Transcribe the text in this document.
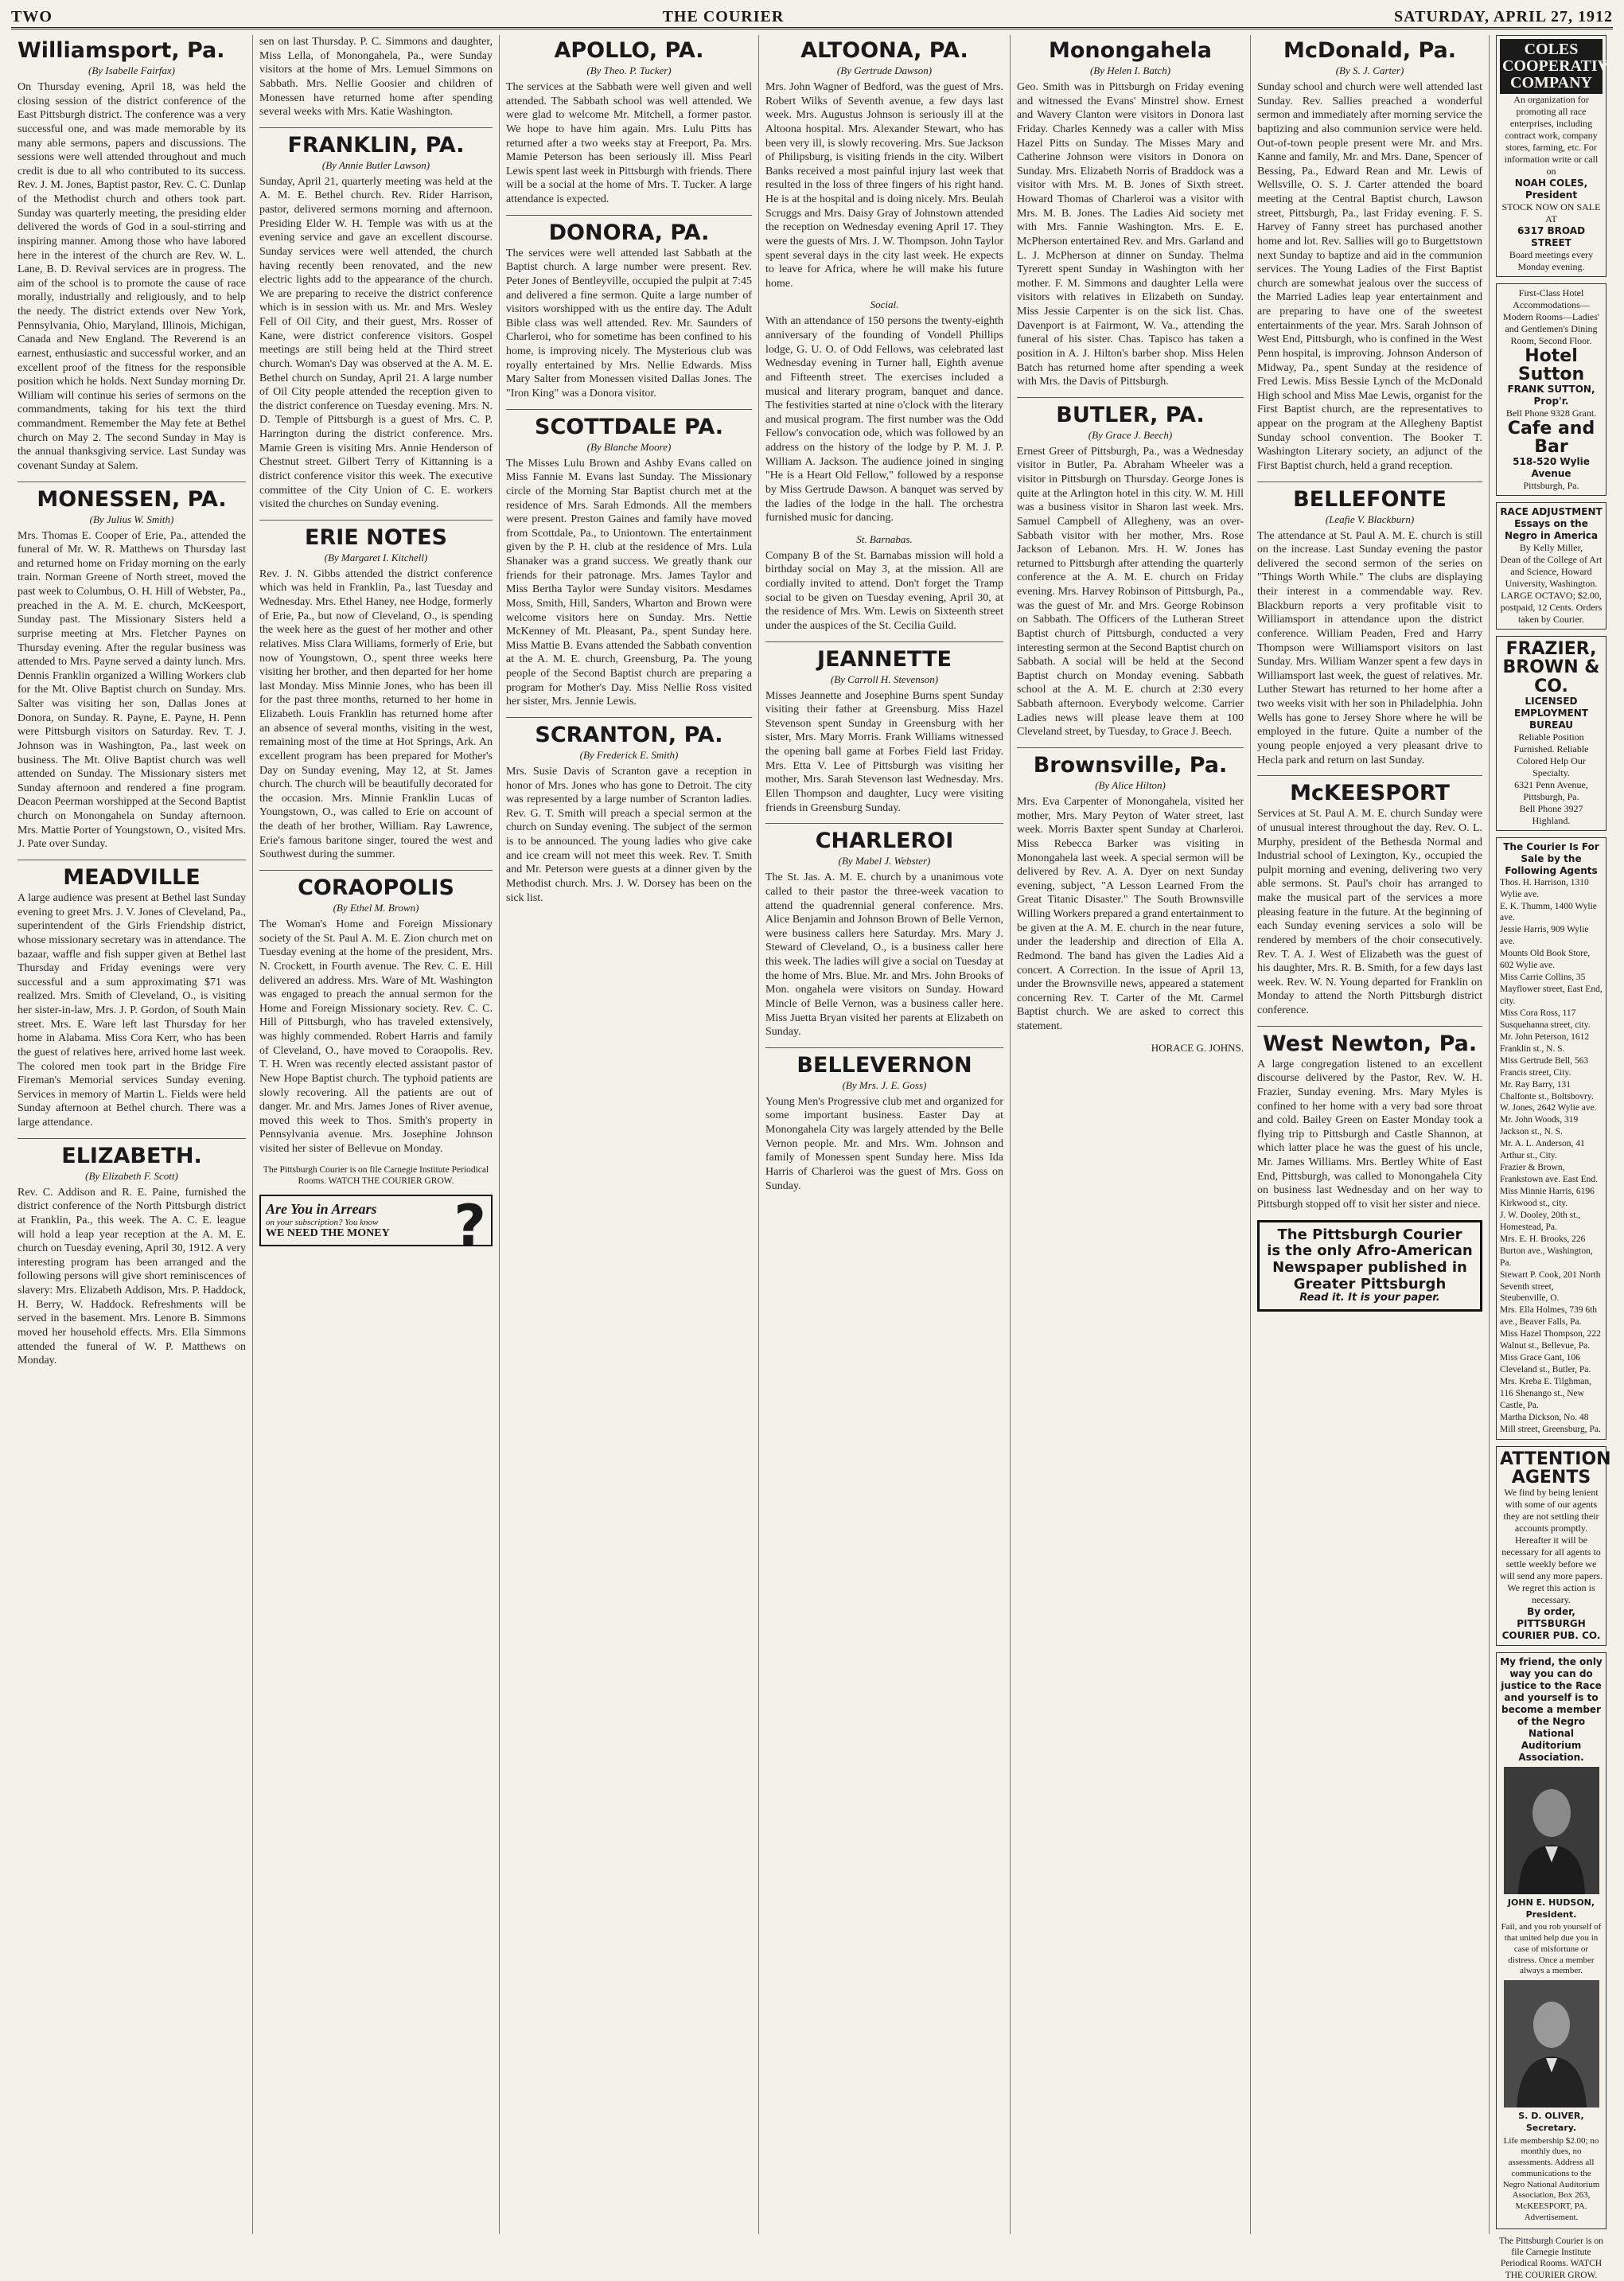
TWO	THE COURIER	SATURDAY, APRIL 27, 1912
Williamsport, Pa.
(By Isabelle Fairfax)

On Thursday evening, April 18, was held the closing session of the district conference of the East Pittsburgh district. The conference was a very successful one, and was made memorable by its many able sermons, papers and discussions. The sessions were well attended throughout and much credit is due to all who contributed to its success. Rev. J. M. Jones, Baptist pastor, Rev. C. C. Dunlap of the Methodist church and others took part. Sunday was quarterly meeting, the presiding elder delivered the words of God in a soul-stirring and inspiring manner. Among those who have labored here in the interest of the church are Rev. W. L. Lane, B. D. Revival services are in progress. The aim of the school is to promote the cause of race morally, industrially and religiously, and to help the needy. The district extends over New York, Pennsylvania, Ohio, Maryland, Illinois, Michigan, Canada and New England. The Reverend is an earnest, enthusiastic and successful worker, and an excellent proof of the fitness for the responsible position which he holds. Next Sunday morning Dr. William will continue his series of sermons on the commandments, taking for his text the third commandment. Remember the May fete at Bethel church on May 2. The second Sunday in May is the annual thanksgiving service. Last Sunday was covenant Sunday at Salem.

MONESSEN, PA.
(By Julius W. Smith)

Mrs. Thomas E. Cooper of Erie, Pa., attended the funeral of Mr. W. R. Matthews on Thursday last and returned home on Friday morning on the early train. Norman Greene of North street, moved the past week to Columbus, O. H. Hill of Webster, Pa., preached in the A. M. E. church, McKeesport, Sunday past. The Missionary Sisters held a surprise meeting at Mrs. Fletcher Paynes on Thursday evening. After the regular business was attended to Mrs. Payne served a dainty lunch. Mrs. Dennis Franklin organized a Willing Workers club for the Mt. Olive Baptist church on Sunday. Mrs. Salter was visiting her son, Dallas Jones at Donora, on Sunday. R. Payne, E. Payne, H. Penn were Pittsburgh visitors on Saturday. Rev. T. J. Johnson was in Washington, Pa., last week on business. The Mt. Olive Baptist church was well attended on Sunday. The Missionary sisters met Sunday afternoon and rendered a fine program. Deacon Peerman worshipped at the Second Baptist church on Monongahela on Sunday afternoon. Mrs. Mattie Porter of Youngstown, O., visited Mrs. J. Pate over Sunday.

MEADVILLE

A large audience was present at Bethel last Sunday evening to greet Mrs. J. V. Jones of Cleveland, Pa., superintendent of the Girls Friendship district, whose missionary secretary was in attendance. The bazaar, waffle and fish supper given at Bethel last Thursday and Friday evenings were very successful and a sum approximating $71 was realized. Mrs. Smith of Cleveland, O., is visiting her sister-in-law, Mrs. J. P. Gordon, of South Main street. Mrs. E. Ware left last Thursday for her home in Alabama. Miss Cora Kerr, who has been the guest of relatives here, arrived home last week. The colored men took part in the Bridge Fire Fireman's Memorial services Sunday evening. Services in memory of Martin L. Fields were held Sunday afternoon at Bethel church. There was a large attendance.

ELIZABETH.
(By Elizabeth F. Scott)

Rev. C. Addison and R. E. Paine, furnished the district conference of the North Pittsburgh district at Franklin, Pa., this week. The A. C. E. league will hold a leap year reception at the A. M. E. church on Tuesday evening, April 30, 1912. A very interesting program has been arranged and the following persons will give short reminiscences of slavery: Mrs. Elizabeth Addison, Mrs. P. Haddock, H. Berry, W. Haddock. Refreshments will be served in the basement. Mrs. Lenore B. Simmons moved her household effects. Mrs. Ella Simmons attended the funeral of W. P. Matthews on Monday.

sen on last Thursday. P. C. Simmons and daughter, Miss Lella, of Monongahela, Pa., were Sunday visitors at the home of Mrs. Lemuel Simmons on Sabbath. Mrs. Nellie Goosier and children of Monessen have returned home after spending several weeks with Mrs. Katie Washington.

FRANKLIN, PA.
(By Annie Butler Lawson)

Sunday, April 21, quarterly meeting was held at the A. M. E. Bethel church. Rev. Rider Harrison, pastor, delivered sermons morning and afternoon. Presiding Elder W. H. Temple was with us at the evening service and gave an excellent discourse. Sunday services were well attended, the church having recently been renovated, and the new electric lights add to the appearance of the church. We are preparing to receive the district conference which is in session with us. Mr. and Mrs. Wesley Fell of Oil City, and their guest, Mrs. Rosser of Kane, were district conference visitors. Gospel meetings are still being held at the Third street church. Woman's Day was observed at the A. M. E. Bethel church on Sunday, April 21. A large number of Oil City people attended the reception given to the district conference on Tuesday evening. Mrs. N. D. Temple of Pittsburgh is a guest of Mrs. C. P. Harrington during the district conference. Mrs. Mamie Green is visiting Mrs. Annie Henderson of Chestnut street. Gilbert Terry of Kittanning is a district conference visitor this week. The executive committee of the City Union of C. E. workers visited the churches on Sunday evening.

ERIE NOTES
(By Margaret I. Kitchell)

Rev. J. N. Gibbs attended the district conference which was held in Franklin, Pa., last Tuesday and Wednesday. Mrs. Ethel Haney, nee Hodge, formerly of Erie, Pa., but now of Cleveland, O., is spending the week here as the guest of her mother and other relatives. Miss Clara Williams, formerly of Erie, but now of Youngstown, O., spent three weeks here visiting her brother, and then departed for her home last Monday. Miss Minnie Jones, who has been ill for the past three months, returned to her home in Elizabeth. Louis Franklin has returned home after an absence of several months, visiting in the west, remaining most of the time at Hot Springs, Ark. An excellent program has been prepared for Mother's Day on Sunday evening, May 12, at St. James church. The church will be beautifully decorated for the occasion. Mrs. Minnie Franklin Lucas of Youngstown, O., was called to Erie on account of the death of her brother, William. Ray Lawrence, Erie's famous baritone singer, toured the west and Southwest during the summer.

CORAOPOLIS
(By Ethel M. Brown)

The Woman's Home and Foreign Missionary society of the St. Paul A. M. E. Zion church met on Tuesday evening at the home of the president, Mrs. N. Crockett, in Fourth avenue. The Rev. C. E. Hill delivered an address. Mrs. Ware of Mt. Washington was engaged to preach the annual sermon for the Home and Foreign Missionary society. Rev. C. C. Hill of Pittsburgh, who has traveled extensively, was highly commended. Robert Harris and family of Cleveland, O., have moved to Coraopolis. Rev. T. H. Wren was recently elected assistant pastor of New Hope Baptist church. The typhoid patients are slowly recovering. All the patients are out of danger. Mr. and Mrs. James Jones of River avenue, moved this week to Thos. Smith's property in Pennsylvania avenue. Mrs. Josephine Johnson visited her sister of Bellevue on Monday.

The Pittsburgh Courier is on file Carnegie Institute Periodical Rooms. WATCH THE COURIER GROW.
?
Are You in Arrears
on your subscription? You know
WE NEED THE MONEY
APOLLO, PA.
(By Theo. P. Tucker)

The services at the Sabbath were well given and well attended. The Sabbath school was well attended. We were glad to welcome Mr. Mitchell, a former pastor. We hope to have him again. Mrs. Lulu Pitts has returned after a two weeks stay at Freeport, Pa. Mrs. Mamie Peterson has been seriously ill. Miss Pearl Lewis spent last week in Pittsburgh with friends. There will be a social at the home of Mrs. T. Tucker. A large attendance is expected.

DONORA, PA.

The services were well attended last Sabbath at the Baptist church. A large number were present. Rev. Peter Jones of Bentleyville, occupied the pulpit at 7:45 and delivered a fine sermon. Quite a large number of visitors worshipped with us the entire day. The Adult Bible class was well attended. Rev. Mr. Saunders of Charleroi, who for sometime has been confined to his home, is improving nicely. The Mysterious club was royally entertained by Mrs. Nellie Edwards. Miss Mary Salter from Monessen visited Dallas Jones. The "Iron King" was a Donora visitor.

SCOTTDALE PA.
(By Blanche Moore)

The Misses Lulu Brown and Ashby Evans called on Miss Fannie M. Evans last Sunday. The Missionary circle of the Morning Star Baptist church met at the residence of Mrs. Sarah Edmonds. All the members were present. Preston Gaines and family have moved from Scottdale, Pa., to Uniontown. The entertainment given by the P. H. club at the residence of Mrs. Lula Shanaker was a grand success. We greatly thank our friends for their patronage. Mrs. James Taylor and Miss Bertha Taylor were Sunday visitors. Mesdames Moss, Smith, Hill, Sanders, Wharton and Brown were welcome visitors here on Sunday. Mrs. Nettie McKenney of Mt. Pleasant, Pa., spent Sunday here. Miss Mattie B. Evans attended the Sabbath convention at the A. M. E. church, Greensburg, Pa. The young people of the Second Baptist church are preparing a program for Mother's Day. Miss Nellie Ross visited her sister, Mrs. Jennie Lewis.

SCRANTON, PA.
(By Frederick E. Smith)

Mrs. Susie Davis of Scranton gave a reception in honor of Mrs. Jones who has gone to Detroit. The city was represented by a large number of Scranton ladies. Rev. G. T. Smith will preach a special sermon at the church on Sunday evening. The subject of the sermon is to be announced. The young ladies who give cake and ice cream will not meet this week. Rev. T. Smith and Mr. Peterson were guests at a dinner given by the Methodist church. Mrs. J. W. Dorsey has been on the sick list.

ALTOONA, PA.
(By Gertrude Dawson)

Mrs. John Wagner of Bedford, was the guest of Mrs. Robert Wilks of Seventh avenue, a few days last week. Mrs. Augustus Johnson is seriously ill at the Altoona hospital. Mrs. Alexander Stewart, who has been very ill, is slowly recovering. Mrs. Sue Jackson of Philipsburg, is visiting friends in the city. Wilbert Banks received a most painful injury last week that resulted in the loss of three fingers of his right hand. He is at the hospital and is doing nicely. Mrs. Beulah Scruggs and Mrs. Daisy Gray of Johnstown attended the reception on Wednesday evening April 17. They were the guests of Mrs. J. W. Thompson. John Taylor spent several days in the city last week. He expects to leave for Africa, where he will make his future home.

Social.

With an attendance of 150 persons the twenty-eighth anniversary of the founding of Vondell Phillips lodge, G. U. O. of Odd Fellows, was celebrated last Wednesday evening in Turner hall, Eighth avenue and Fifteenth street. The exercises included a musical and literary program, banquet and dance. The festivities started at nine o'clock with the literary and musical program. The first number was the Odd Fellow's convocation ode, which was followed by an address on the history of the lodge by P. M. J. P. William A. Jackson. The audience joined in singing "He is a Heart Old Fellow," followed by a response by Miss Gertrude Dawson. A banquet was served by the ladies of the lodge in the hall. The orchestra furnished music for dancing.

St. Barnabas.

Company B of the St. Barnabas mission will hold a birthday social on May 3, at the mission. All are cordially invited to attend. Don't forget the Tramp social to be given on Tuesday evening, April 30, at the residence of Mrs. Wm. Lewis on Sixteenth street under the auspices of the St. Cecilia Guild.

JEANNETTE
(By Carroll H. Stevenson)

Misses Jeannette and Josephine Burns spent Sunday visiting their father at Greensburg. Miss Hazel Stevenson spent Sunday in Greensburg with her sister, Mrs. Mary Morris. Frank Williams witnessed the opening ball game at Forbes Field last Friday. Mrs. Etta V. Lee of Pittsburgh was visiting her mother, Mrs. Sarah Stevenson last Wednesday. Mrs. Ellen Thompson and daughter, Lucy were visiting friends in Greensburg Sunday.

CHARLEROI
(By Mabel J. Webster)

The St. Jas. A. M. E. church by a unanimous vote called to their pastor the three-week vacation to attend the quadrennial general conference. Mrs. Alice Benjamin and Johnson Brown of Belle Vernon, were business callers here Saturday. Mrs. Mary J. Steward of Cleveland, O., is a business caller here this week. The ladies will give a social on Tuesday at the home of Mrs. Blue. Mr. and Mrs. John Brooks of Mon. ongahela were visitors on Sunday. Howard Mincle of Belle Vernon, was a business caller here. Miss Juetta Bryan visited her parents at Elizabeth on Sunday.

BELLEVERNON
(By Mrs. J. E. Goss)

Young Men's Progressive club met and organized for some important business. Easter Day at Monongahela City was largely attended by the Belle Vernon people. Mr. and Mrs. Wm. Johnson and family of Monessen spent Sunday here. Miss Ida Harris of Charleroi was the guest of Mrs. Goss on Sunday.

Monongahela
(By Helen I. Batch)

Geo. Smith was in Pittsburgh on Friday evening and witnessed the Evans' Minstrel show. Ernest and Wavery Clanton were visitors in Donora last Friday. Charles Kennedy was a caller with Miss Hazel Pitts on Sunday. The Misses Mary and Catherine Johnson were visitors in Donora on Sunday. Mrs. Elizabeth Norris of Braddock was a visitor with Mrs. M. B. Jones of Sixth street. Howard Thomas of Charleroi was a visitor with Mrs. M. B. Jones. The Ladies Aid society met with Mrs. Fannie Washington. Mrs. E. E. McPherson entertained Rev. and Mrs. Garland and L. J. McPherson at dinner on Sunday. Thelma Tyrerett spent Sunday in Washington with her mother. F. M. Simmons and daughter Lella were visitors with relatives in Elizabeth on Sunday. Miss Jessie Carpenter is on the sick list. Chas. Davenport is at Fairmont, W. Va., attending the funeral of his sister. Chas. Tapisco has taken a position in A. J. Hilton's barber shop. Miss Helen Batch has returned home after spending a week with Mrs. the Davis of Pittsburgh.

BUTLER, PA.
(By Grace J. Beech)

Ernest Greer of Pittsburgh, Pa., was a Wednesday visitor in Butler, Pa. Abraham Wheeler was a visitor in Pittsburgh on Thursday. George Jones is quite at the Arlington hotel in this city. W. M. Hill was a business visitor in Sharon last week. Mrs. Samuel Campbell of Allegheny, was an over-Sabbath visitor with her mother, Mrs. Rose Jackson of Lebanon. Mrs. H. W. Jones has returned to Pittsburgh after attending the quarterly conference at the A. M. E. church on Friday evening. Mrs. Harvey Robinson of Pittsburgh, Pa., was the guest of Mr. and Mrs. George Robinson on Sabbath. The Officers of the Lutheran Street Baptist church of Pittsburgh, conducted a very interesting sermon at the Second Baptist church on Sabbath. A social will be held at the Second Baptist church on Monday evening. Sabbath school at the A. M. E. church at 2:30 every Sabbath afternoon. Everybody welcome. Carrier Ladies news will please leave them at 100 Cleveland street, by Tuesday, to Grace J. Beech.

Brownsville, Pa.
(By Alice Hilton)

Mrs. Eva Carpenter of Monongahela, visited her mother, Mrs. Mary Peyton of Water street, last week. Morris Baxter spent Sunday at Charleroi. Miss Rebecca Barker was visiting in Monongahela last week. A special sermon will be delivered by Rev. A. A. Dyer on next Sunday evening, subject, "A Lesson Learned From the Great Titanic Disaster." The South Brownsville Willing Workers prepared a grand entertainment to be given at the A. M. E. church in the near future, under the leadership and direction of Ella A. Redmond. The band has given the Ladies Aid a concert. A Correction. In the issue of April 13, under the Brownsville news, appeared a statement concerning Rev. T. Carter of the Mt. Carmel Baptist church. We are asked to correct this statement.

HORACE G. JOHNS.
McDonald, Pa.
(By S. J. Carter)

Sunday school and church were well attended last Sunday. Rev. Sallies preached a wonderful sermon and immediately after morning service the baptizing and also communion service were held. Out-of-town people present were Mr. and Mrs. Kanne and family, Mr. and Mrs. Dane, Spencer of Bessing, Pa., Edward Rean and Mr. Lewis of Wellsville, O. S. J. Carter attended the board meeting at the Central Baptist church, Lawson street, Pittsburgh, Pa., last Friday evening. F. S. Harvey of Fanny street has purchased another home and lot. Rev. Sallies will go to Burgettstown next Sunday to baptize and aid in the communion services. The Young Ladies of the First Baptist church are somewhat jealous over the success of the Married Ladies leap year entertainment and are preparing to have one of the sweetest entertainments of the year. Mrs. Sarah Johnson of West End, Pittsburgh, who is confined in the West Penn hospital, is improving. Johnson Anderson of Midway, Pa., spent Sunday at the residence of Fred Lewis. Miss Bessie Lynch of the McDonald High school and Miss Mae Lewis, organist for the First Baptist church, are the representatives to appear on the program at the Allegheny Baptist Sunday school convention. The Booker T. Washington Literary society, an adjunct of the First Baptist church, held a grand reception.

BELLEFONTE
(Leafie V. Blackburn)

The attendance at St. Paul A. M. E. church is still on the increase. Last Sunday evening the pastor delivered the second sermon of the series on "Things Worth While." The clubs are displaying their interest in a commendable way. Rev. Blackburn reports a very profitable visit to Williamsport in attendance upon the district conference. William Peaden, Fred and Harry Thompson were Williamsport visitors on last Sunday. Mrs. William Wanzer spent a few days in Williamsport last week, the guest of relatives. Mr. Luther Stewart has returned to her home after a two weeks visit with her son in Philadelphia. John Wells has gone to Jersey Shore where he will be employed in the future. Quite a number of the young people enjoyed a very pleasant drive to Hecla park and return on last Sunday.

McKEESPORT

Services at St. Paul A. M. E. church Sunday were of unusual interest throughout the day. Rev. O. L. Murphy, president of the Bethesda Normal and Industrial school of Lexington, Ky., occupied the pulpit morning and evening, delivering two very able sermons. St. Paul's choir has arranged to make the musical part of the services a more pleasing feature in the future. At the beginning of each Sunday evening services a solo will be rendered by members of the choir consecutively. Rev. T. A. J. West of Elizabeth was the guest of his daughter, Mrs. R. B. Smith, for a few days last week. Rev. W. N. Young departed for Franklin on Monday to attend the North Pittsburgh district conference.

West Newton, Pa.

A large congregation listened to an excellent discourse delivered by the Pastor, Rev. W. H. Frazier, Sunday evening. Mrs. Mary Myles is confined to her home with a very bad sore throat and cold. Bailey Green on Easter Monday took a flying trip to Pittsburgh and Castle Shannon, at which latter place he was the guest of his uncle, Mr. James Williams. Mrs. Bertley White of East End, Pittsburgh, was called to Monongahela City on business last Wednesday and on her way to Pittsburgh stopped off to visit her sister and niece.

The Pittsburgh Courier
is the only Afro-American Newspaper published in Greater Pittsburgh
Read it. It is your paper.
COLES COOPERATIVE COMPANY
An organization for promoting all race enterprises, including contract work, company stores, farming, etc. For information write or call on
NOAH COLES, President
STOCK NOW ON SALE AT
6317 BROAD STREET
Board meetings every Monday evening.
First-Class Hotel Accommodations—Modern Rooms—Ladies' and Gentlemen's Dining Room, Second Floor.
Hotel Sutton
FRANK SUTTON, Prop'r.
Bell Phone 9328 Grant.
Cafe and Bar
518-520 Wylie Avenue
Pittsburgh, Pa.
RACE ADJUSTMENT
Essays on the Negro in America
By Kelly Miller,
Dean of the College of Art and Science, Howard University, Washington. LARGE OCTAVO; $2.00, postpaid, 12 Cents. Orders taken by Courier.
FRAZIER, BROWN & CO.
LICENSED EMPLOYMENT BUREAU
Reliable Position Furnished. Reliable Colored Help Our Specialty.
6321 Penn Avenue, Pittsburgh, Pa.
Bell Phone 3927 Highland.
The Courier Is For Sale by the Following Agents
Thos. H. Harrison, 1310 Wylie ave.
E. K. Thumm, 1400 Wylie ave.
Jessie Harris, 909 Wylie ave.
Mounts Old Book Store, 602 Wylie ave.
Miss Carrie Collins, 35 Mayflower street, East End, city.
Miss Cora Ross, 117 Susquehanna street, city.
Mr. John Peterson, 1612 Franklin st., N. S.
Miss Gertrude Bell, 563 Francis street, City.
Mr. Ray Barry, 131 Chalfonte st., Boltsbovry.
W. Jones, 2642 Wylie ave.
Mr. John Woods, 319 Jackson st., N. S.
Mr. A. L. Anderson, 41 Arthur st., City.
Frazier & Brown, Frankstown ave. East End.
Miss Minnie Harris, 6196 Kirkwood st., city.
J. W. Dooley, 20th st., Homestead, Pa.
Mrs. E. H. Brooks, 226 Burton ave., Washington, Pa.
Stewart P. Cook, 201 North Seventh street, Steubenville, O.
Mrs. Ella Holmes, 739 6th ave., Beaver Falls, Pa.
Miss Hazel Thompson, 222 Walnut st., Bellevue, Pa.
Miss Grace Gant, 106 Cleveland st., Butler, Pa.
Mrs. Kreba E. Tilghman, 116 Shenango st., New Castle, Pa.
Martha Dickson, No. 48 Mill street, Greensburg, Pa.
ATTENTION AGENTS
We find by being lenient with some of our agents they are not settling their accounts promptly. Hereafter it will be necessary for all agents to settle weekly before we will send any more papers. We regret this action is necessary.
By order, PITTSBURGH COURIER PUB. CO.
My friend, the only way you can do justice to the Race and yourself is to become a member of the Negro National Auditorium Association.
JOHN E. HUDSON, President.
Fail, and you rob yourself of that united help due you in case of misfortune or distress. Once a member always a member.
S. D. OLIVER, Secretary.
Life membership $2.00; no monthly dues, no assessments. Address all communications to the Negro National Auditorium Association, Box 263, McKEESPORT, PA. Advertisement.
The Pittsburgh Courier is on file Carnegie Institute Periodical Rooms. WATCH THE COURIER GROW.
